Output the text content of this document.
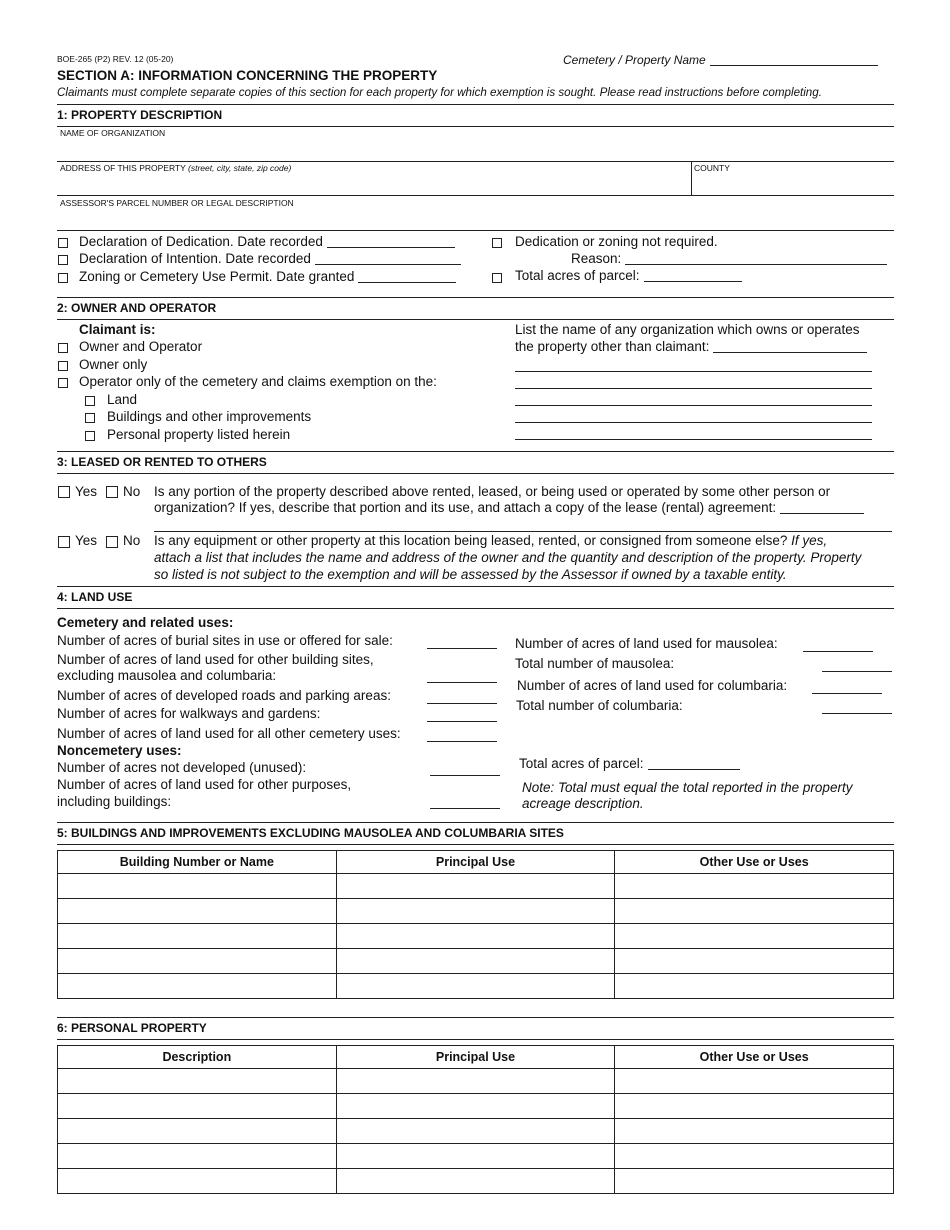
BOE-265 (P2) REV. 12 (05-20)	Cemetery / Property Name
SECTION A: INFORMATION CONCERNING THE PROPERTY
Claimants must complete separate copies of this section for each property for which exemption is sought. Please read instructions before completing.
1: PROPERTY DESCRIPTION
NAME OF ORGANIZATION
ADDRESS OF THIS PROPERTY (street, city, state, zip code)	COUNTY
ASSESSOR'S PARCEL NUMBER OR LEGAL DESCRIPTION
Declaration of Dedication. Date recorded
Declaration of Intention. Date recorded
Zoning or Cemetery Use Permit. Date granted
Dedication or zoning not required.
Reason:
Total acres of parcel:
2: OWNER AND OPERATOR
Claimant is:
Owner and Operator
Owner only
Operator only of the cemetery and claims exemption on the:
Land
Buildings and other improvements
Personal property listed herein
List the name of any organization which owns or operates
the property other than claimant:
3: LEASED OR RENTED TO OTHERS
Yes No Is any portion of the property described above rented, leased, or being used or operated by some other person or
organization? If yes, describe that portion and its use, and attach a copy of the lease (rental) agreement:
Yes No Is any equipment or other property at this location being leased, rented, or consigned from someone else? If yes,
attach a list that includes the name and address of the owner and the quantity and description of the property. Property
so listed is not subject to the exemption and will be assessed by the Assessor if owned by a taxable entity.
4: LAND USE
Cemetery and related uses:
Number of acres of burial sites in use or offered for sale:
Number of acres of land used for other building sites,
excluding mausolea and columbaria:
Number of acres of developed roads and parking areas:
Number of acres for walkways and gardens:
Number of acres of land used for all other cemetery uses:
Noncemetery uses:
Number of acres not developed (unused):
Number of acres of land used for other purposes,
including buildings:
Number of acres of land used for mausolea:
Total number of mausolea:
Number of acres of land used for columbaria:
Total number of columbaria:
Total acres of parcel:
Note: Total must equal the total reported in the property
acreage description.
5: BUILDINGS AND IMPROVEMENTS EXCLUDING MAUSOLEA AND COLUMBARIA SITES
Building Number or Name	Principal Use	Other Use or Uses

6: PERSONAL PROPERTY
Description	Principal Use	Other Use or Uses
